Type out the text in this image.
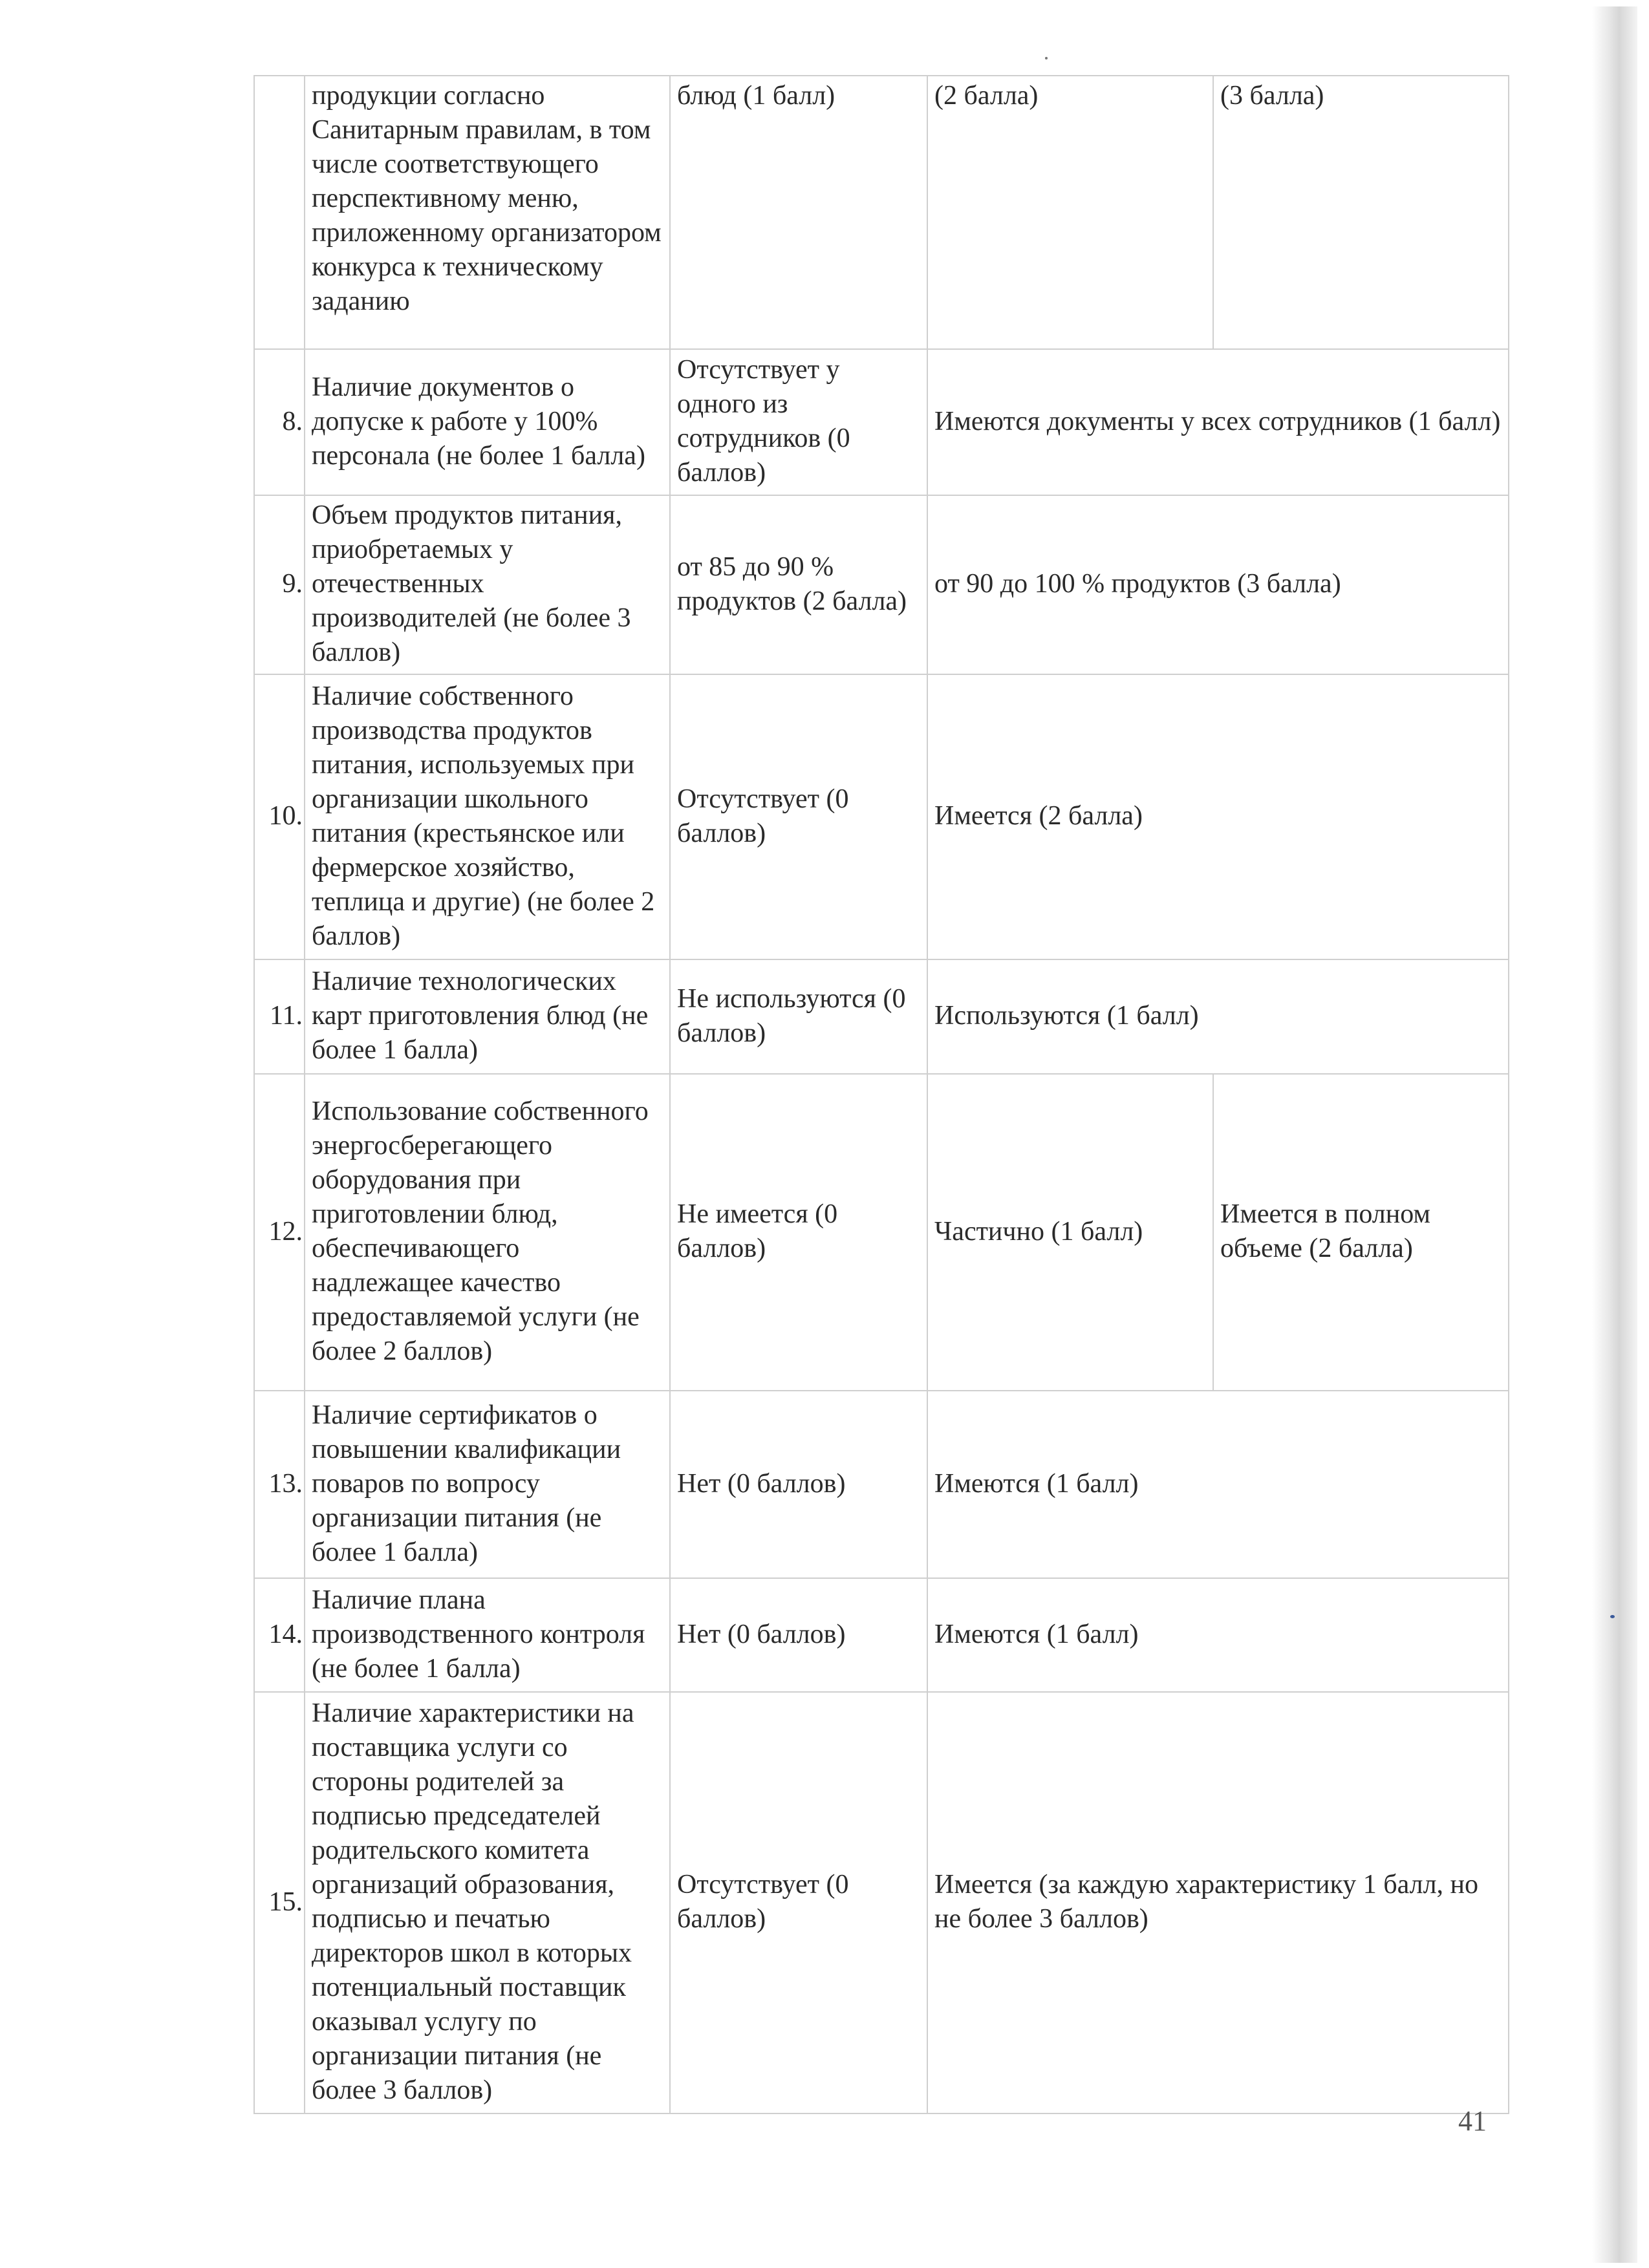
	продукции согласно Санитарным правилам, в том числе соответствующего перспективному меню, приложенному организатором конкурса к техническому заданию	блюд (1 балл)	(2 балла)	(3 балла)
8.	Наличие документов о допуске к работе у 100% персонала (не более 1 балла)	Отсутствует у одного из сотрудников (0 баллов)	Имеются документы у всех сотрудников (1 балл)	
9.	Объем продуктов питания, приобретаемых у отечественных производителей (не более 3 баллов)	от 85 до 90 % продуктов (2 балла)	от 90 до 100 % продуктов (3 балла)	
10.	Наличие собственного производства продуктов питания, используемых при организации школьного питания (крестьянское или фермерское хозяйство, теплица и другие) (не более 2 баллов)	Отсутствует (0 баллов)	Имеется (2 балла)	
11.	Наличие технологических карт приготовления блюд (не более 1 балла)	Не используются (0 баллов)	Используются (1 балл)	
12.	Использование собственного энергосберегающего оборудования при приготовлении блюд, обеспечивающего надлежащее качество предоставляемой услуги (не более 2 баллов)	Не имеется (0 баллов)	Частично (1 балл)	Имеется в полном объеме (2 балла)
13.	Наличие сертификатов о повышении квалификации поваров по вопросу организации питания (не более 1 балла)	Нет (0 баллов)	Имеются (1 балл)	
14.	Наличие плана производственного контроля (не более 1 балла)	Нет (0 баллов)	Имеются (1 балл)	
15.	Наличие характеристики на поставщика услуги со стороны родителей за подписью председателей родительского комитета организаций образования, подписью и печатью директоров школ в которых потенциальный поставщик оказывал услугу по организации питания (не более 3 баллов)	Отсутствует (0 баллов)	Имеется (за каждую характеристику 1 балл, но не более 3 баллов)	
41
